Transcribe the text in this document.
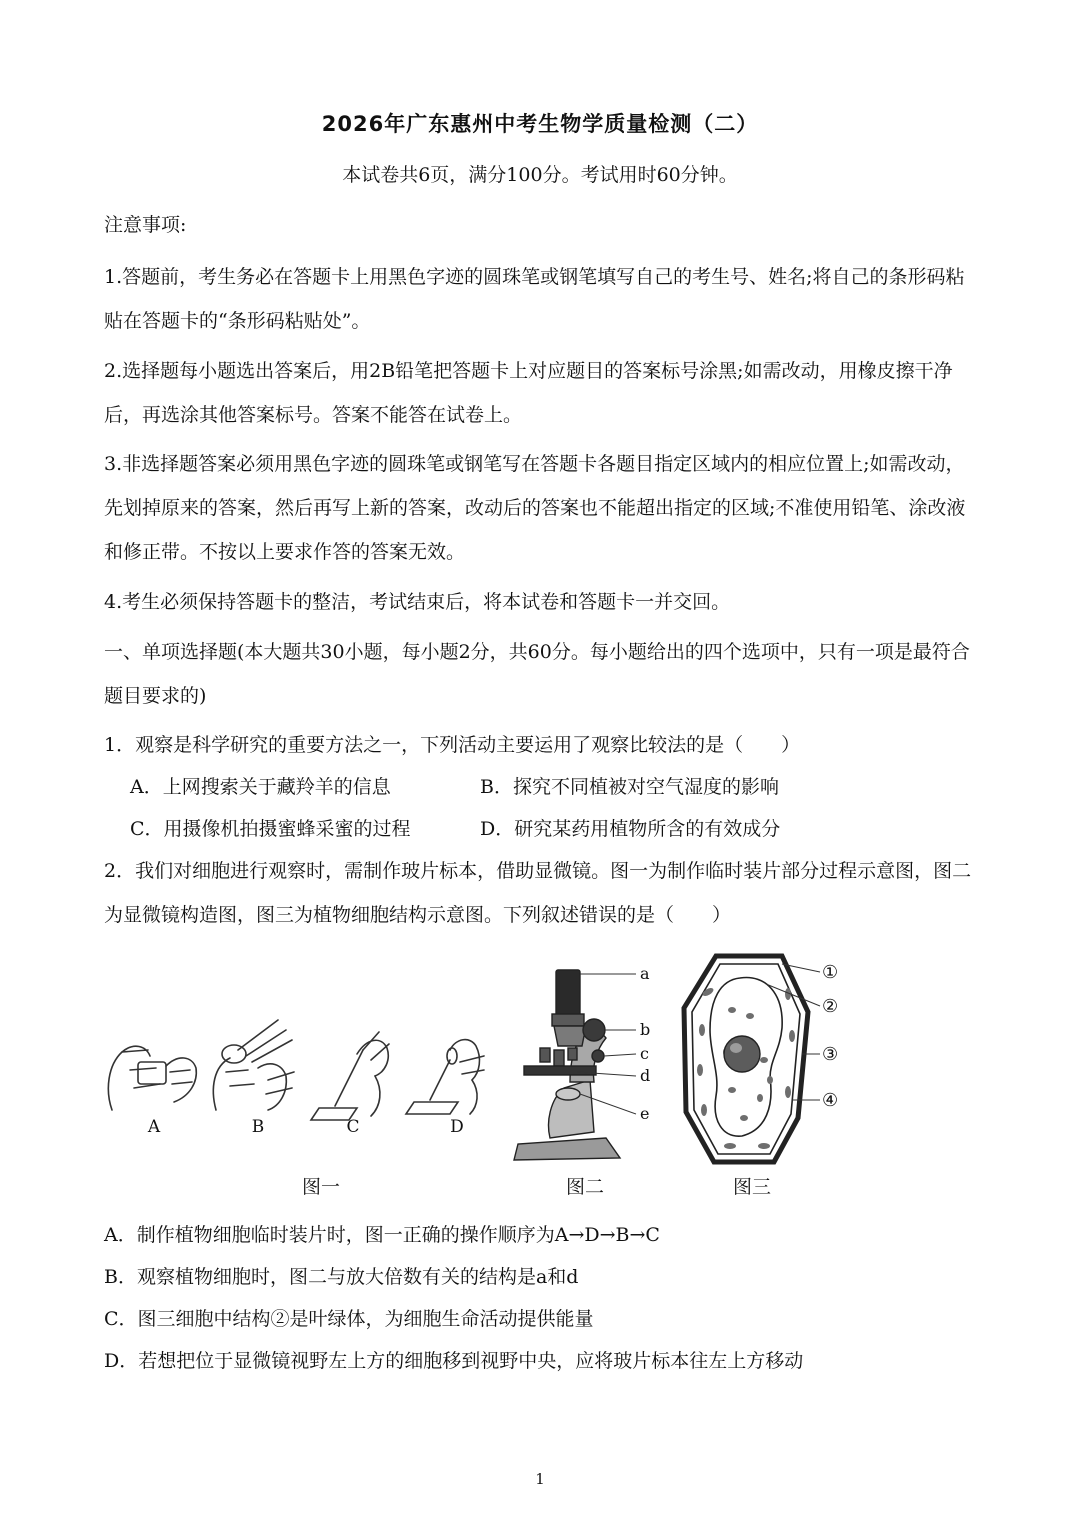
2026年广东惠州中考生物学质量检测（二）
本试卷共6页，满分100分。考试用时60分钟。
注意事项:
1.答题前，考生务必在答题卡上用黑色字迹的圆珠笔或钢笔填写自己的考生号、姓名;将自己的条形码粘贴在答题卡的“条形码粘贴处”。
2.选择题每小题选出答案后，用2B铅笔把答题卡上对应题目的答案标号涂黑;如需改动，用橡皮擦干净后，再选涂其他答案标号。答案不能答在试卷上。
3.非选择题答案必须用黑色字迹的圆珠笔或钢笔写在答题卡各题目指定区域内的相应位置上;如需改动，先划掉原来的答案，然后再写上新的答案，改动后的答案也不能超出指定的区域;不准使用铅笔、涂改液和修正带。不按以上要求作答的答案无效。
4.考生必须保持答题卡的整洁，考试结束后，将本试卷和答题卡一并交回。
一、单项选择题(本大题共30小题，每小题2分，共60分。每小题给出的四个选项中，只有一项是最符合题目要求的)
1．观察是科学研究的重要方法之一，下列活动主要运用了观察比较法的是（　　）
A．上网搜索关于藏羚羊的信息	B．探究不同植被对空气湿度的影响
C．用摄像机拍摄蜜蜂采蜜的过程	D．研究某药用植物所含的有效成分
2．我们对细胞进行观察时，需制作玻片标本，借助显微镜。图一为制作临时装片部分过程示意图，图二为显微镜构造图，图三为植物细胞结构示意图。下列叙述错误的是（　　）
A	B	C	D
图一
a
b
c
d
e
图二
①
②
③
④
图三
A．制作植物细胞临时装片时，图一正确的操作顺序为A→D→B→C
B．观察植物细胞时，图二与放大倍数有关的结构是a和d
C．图三细胞中结构②是叶绿体，为细胞生命活动提供能量
D．若想把位于显微镜视野左上方的细胞移到视野中央，应将玻片标本往左上方移动
1
